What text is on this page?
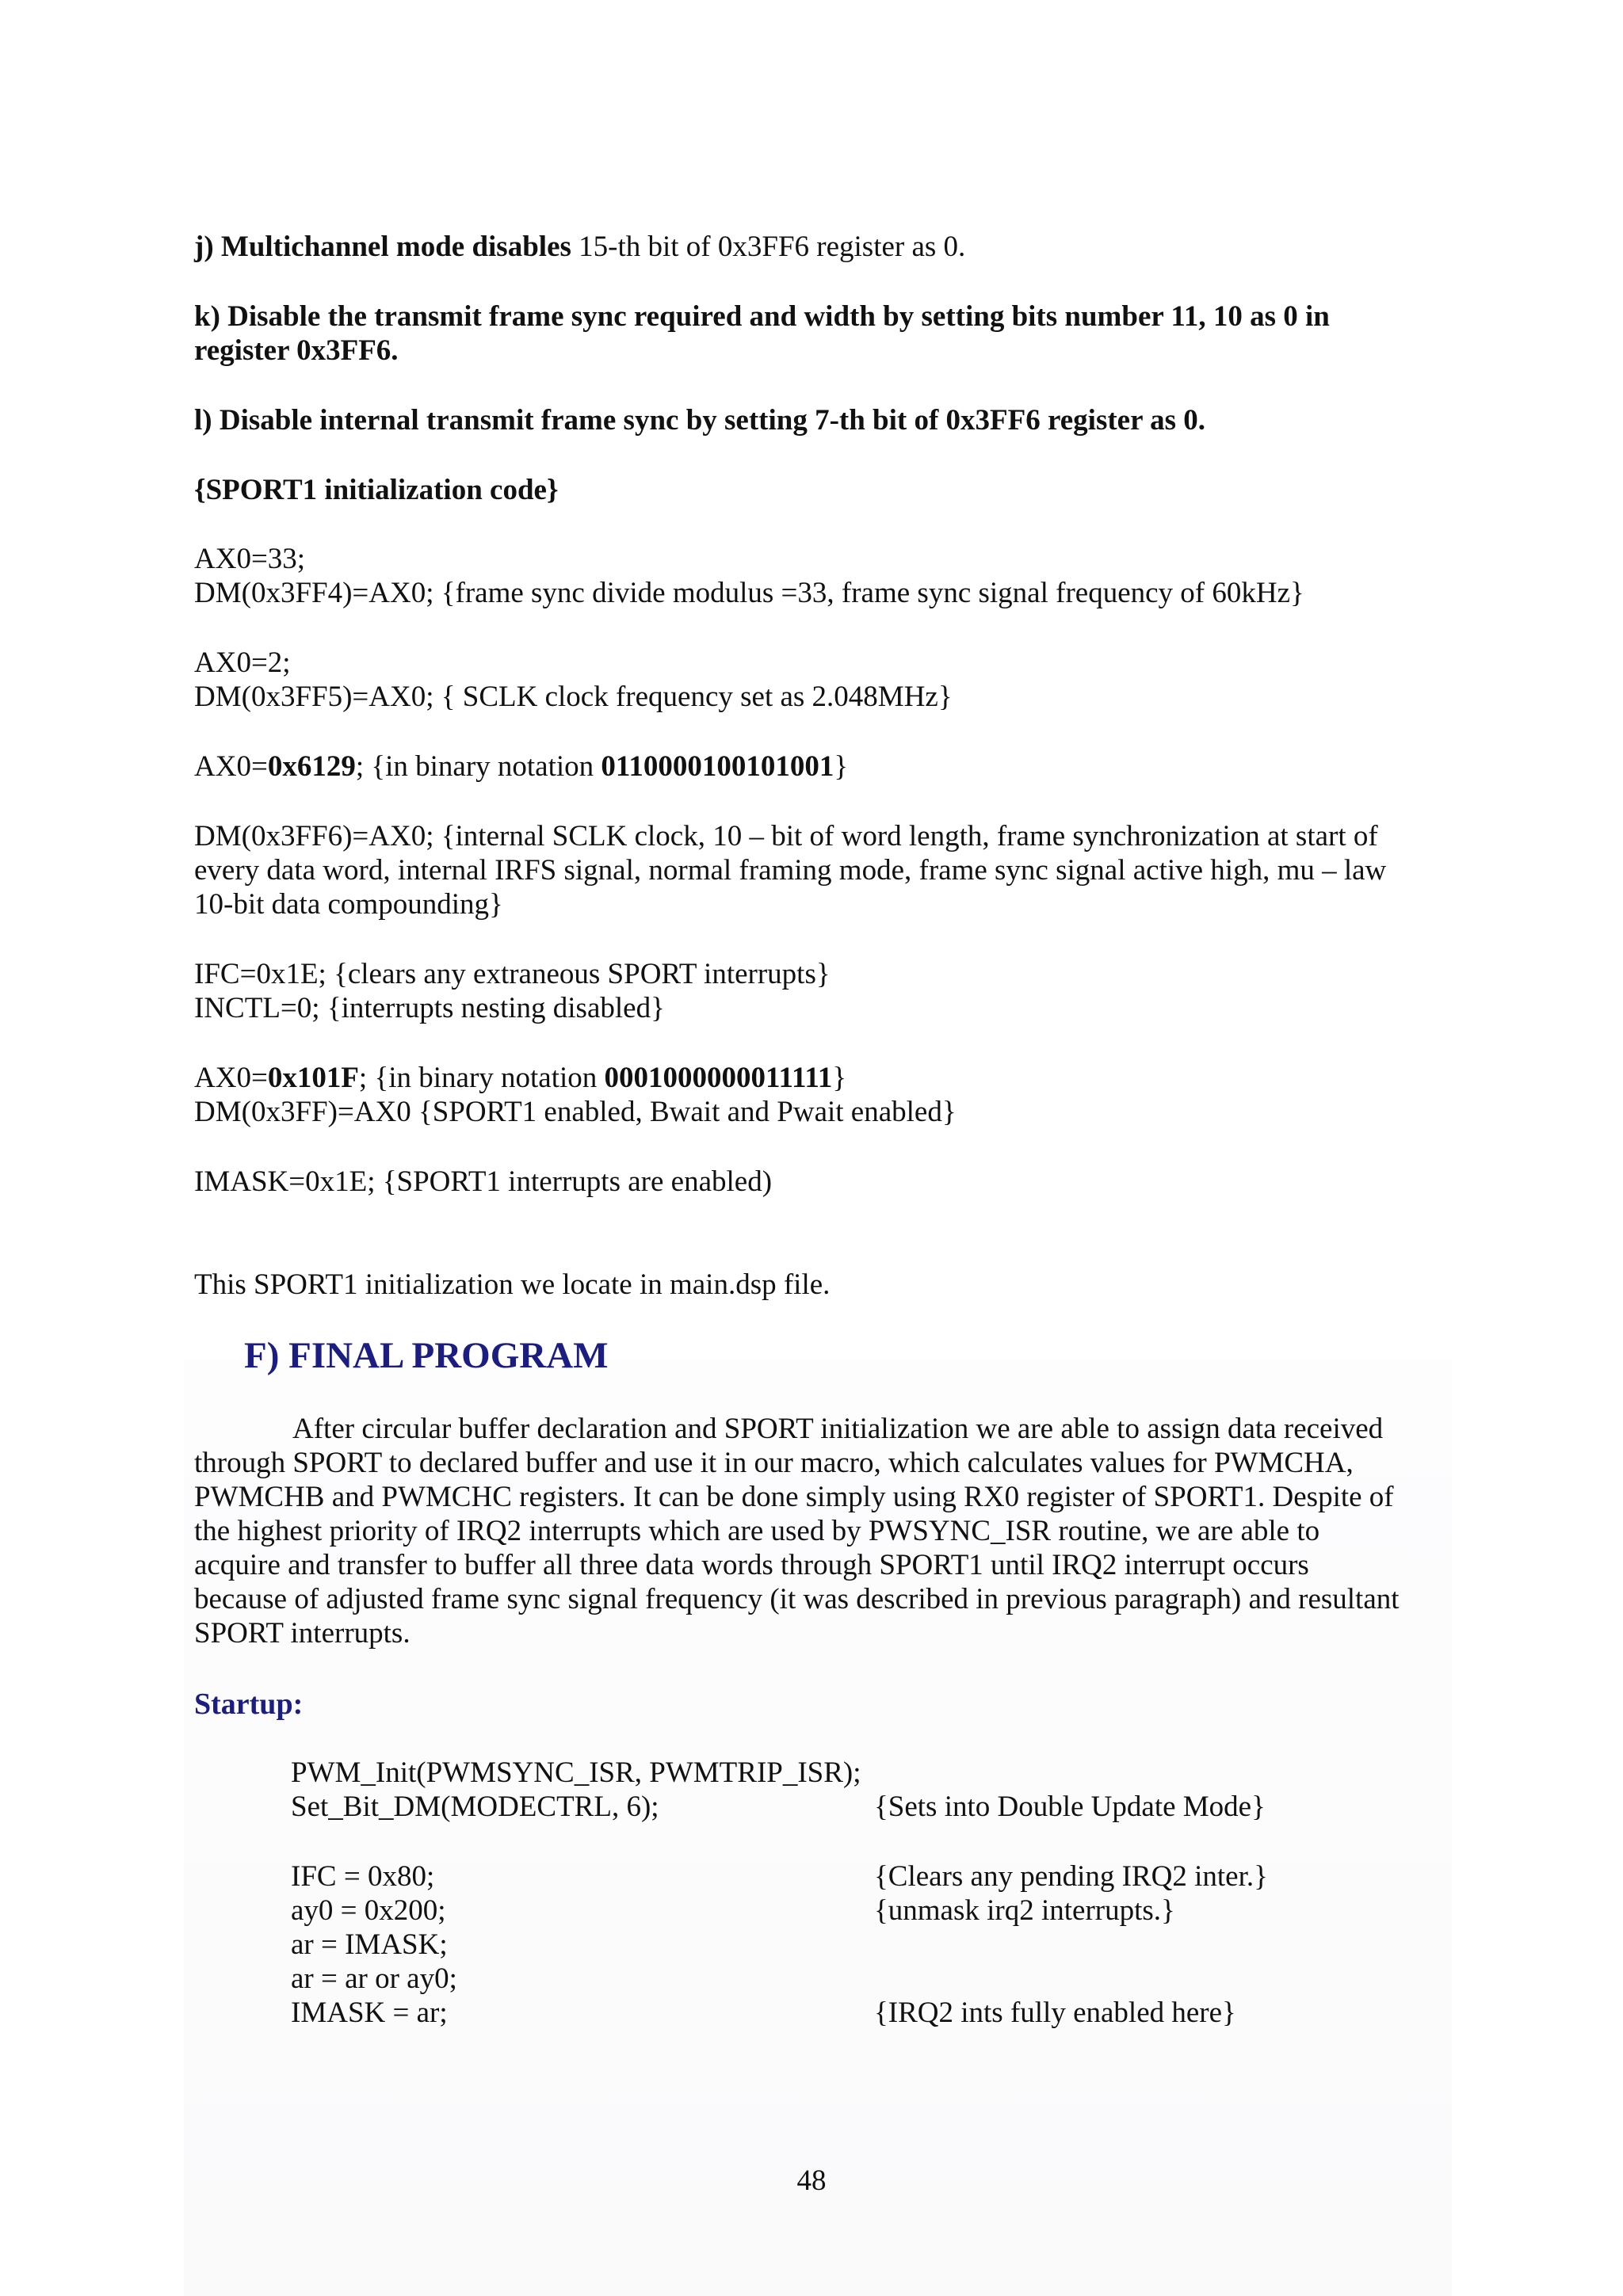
j) Multichannel mode disables 15-th bit of 0x3FF6 register as 0.

k) Disable the transmit frame sync required and width by setting bits number 11, 10 as 0 in

register 0x3FF6.

l) Disable internal transmit frame sync by setting 7-th bit of 0x3FF6 register as 0.

{SPORT1 initialization code}

AX0=33;

DM(0x3FF4)=AX0; {frame sync divide modulus =33, frame sync signal frequency of 60kHz}

AX0=2;

DM(0x3FF5)=AX0; { SCLK clock frequency set as 2.048MHz}

AX0=0x6129; {in binary notation 0110000100101001}

DM(0x3FF6)=AX0; {internal SCLK clock, 10 – bit of word length, frame synchronization at start of

every data word, internal IRFS signal, normal framing mode, frame sync signal active high, mu – law

10-bit data compounding}

IFC=0x1E; {clears any extraneous SPORT interrupts}

INCTL=0; {interrupts nesting disabled}

AX0=0x101F; {in binary notation 0001000000011111}

DM(0x3FF)=AX0 {SPORT1 enabled, Bwait and Pwait enabled}

IMASK=0x1E; {SPORT1 interrupts are enabled)

This SPORT1 initialization we locate in main.dsp file.

F) FINAL PROGRAM

After circular buffer declaration and SPORT initialization we are able to assign data received

through SPORT to declared buffer and use it in our macro, which calculates values for PWMCHA,

PWMCHB and PWMCHC registers. It can be done simply using RX0 register of SPORT1. Despite of

the highest priority of IRQ2 interrupts which are used by PWSYNC_ISR routine, we are able to

acquire and transfer to buffer all three data words through SPORT1 until IRQ2 interrupt occurs

because of adjusted frame sync signal frequency (it was described in previous paragraph) and resultant

SPORT interrupts.

Startup:

PWM_Init(PWMSYNC_ISR, PWMTRIP_ISR);

Set_Bit_DM(MODECTRL, 6);	{Sets into Double Update Mode}

IFC = 0x80;	{Clears any pending IRQ2 inter.}

ay0 = 0x200;	{unmask irq2 interrupts.}

ar = IMASK;

ar = ar or ay0;

IMASK = ar;	{IRQ2 ints fully enabled here}

48
